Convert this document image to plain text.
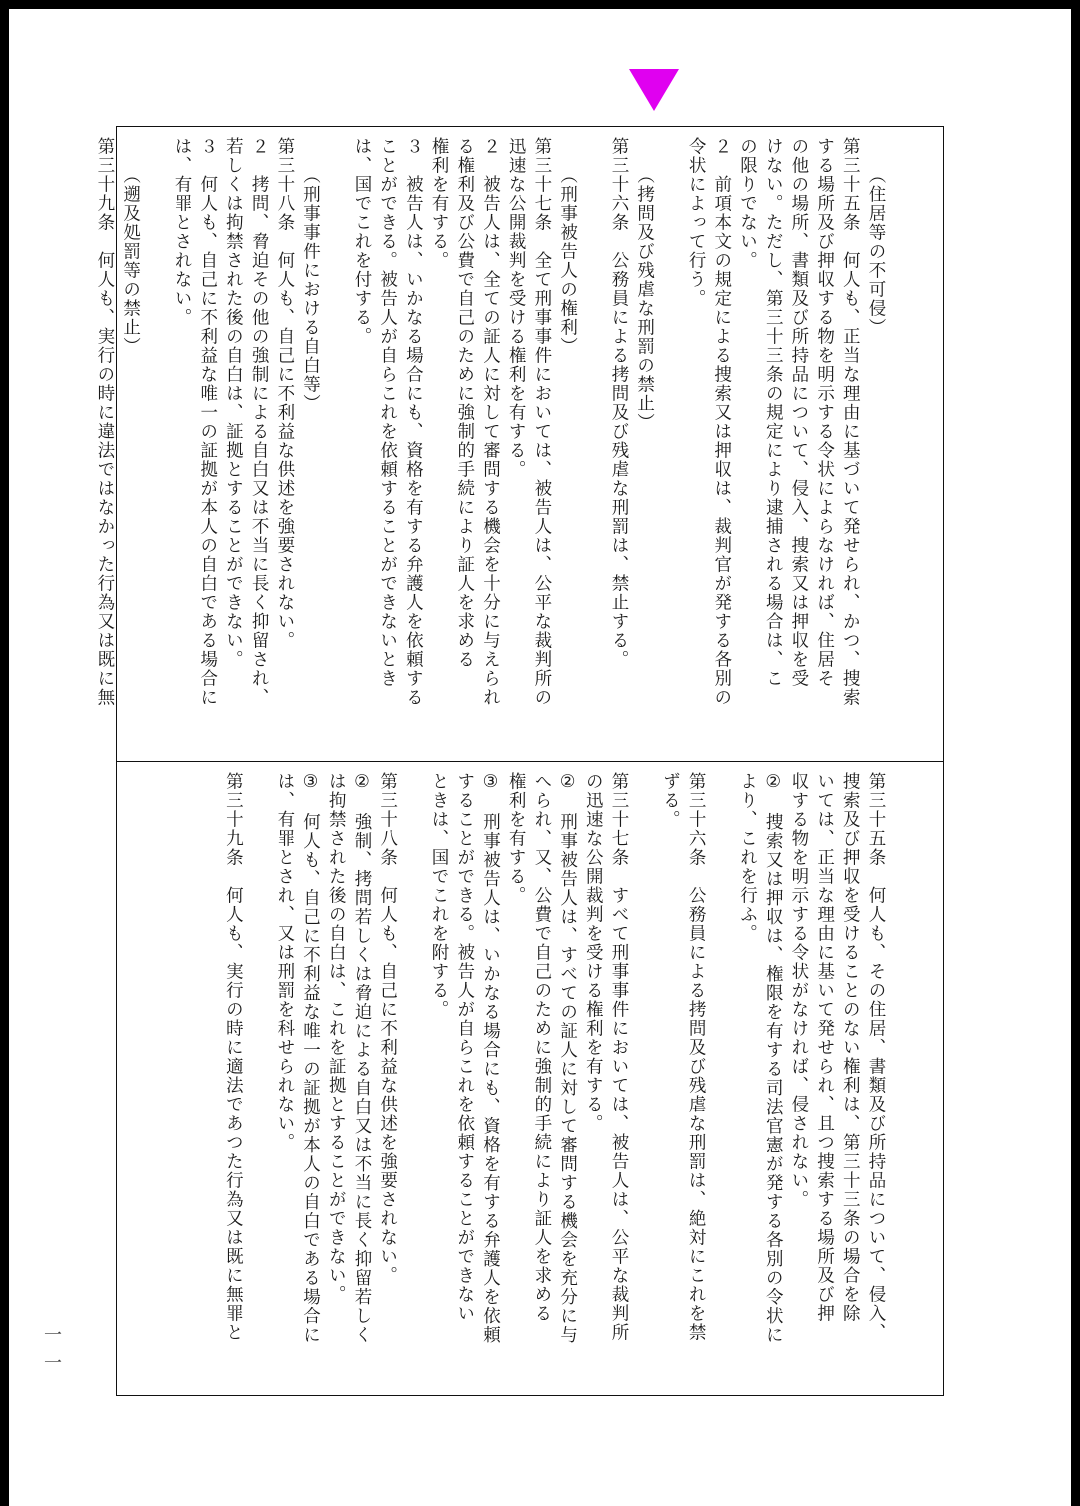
　　（住居等の不可侵）
第三十五条　何人も、正当な理由に基づいて発せられ、かつ、捜索
する場所及び押収する物を明示する令状によらなければ、住居そ
の他の場所、書類及び所持品について、侵入、捜索又は押収を受
けない。ただし、第三十三条の規定により逮捕される場合は、こ
の限りでない。
２　前項本文の規定による捜索又は押収は、裁判官が発する各別の
令状によって行う。
　　（拷問及び残虐な刑罰の禁止）
第三十六条　公務員による拷問及び残虐な刑罰は、禁止する。
　　（刑事被告人の権利）
第三十七条　全て刑事事件においては、被告人は、公平な裁判所の
迅速な公開裁判を受ける権利を有する。
２　被告人は、全ての証人に対して審問する機会を十分に与えられ
る権利及び公費で自己のために強制的手続により証人を求める
権利を有する。
３　被告人は、いかなる場合にも、資格を有する弁護人を依頼する
ことができる。被告人が自らこれを依頼することができないとき
は、国でこれを付する。
　　（刑事事件における自白等）
第三十八条　何人も、自己に不利益な供述を強要されない。
２　拷問、脅迫その他の強制による自白又は不当に長く抑留され、
若しくは拘禁された後の自白は、証拠とすることができない。
３　何人も、自己に不利益な唯一の証拠が本人の自白である場合に
は、有罪とされない。
　　（遡及処罰等の禁止）
第三十九条　何人も、実行の時に違法ではなかった行為又は既に無
第三十五条　何人も、その住居、書類及び所持品について、侵入、
捜索及び押収を受けることのない権利は、第三十三条の場合を除
いては、正当な理由に基いて発せられ、且つ捜索する場所及び押
収する物を明示する令状がなければ、侵されない。
②　捜索又は押収は、権限を有する司法官憲が発する各別の令状に
より、これを行ふ。
第三十六条　公務員による拷問及び残虐な刑罰は、絶対にこれを禁
ずる。
第三十七条　すべて刑事事件においては、被告人は、公平な裁判所
の迅速な公開裁判を受ける権利を有する。
②　刑事被告人は、すべての証人に対して審問する機会を充分に与
へられ、又、公費で自己のために強制的手続により証人を求める
権利を有する。
③　刑事被告人は、いかなる場合にも、資格を有する弁護人を依頼
することができる。被告人が自らこれを依頼することができない
ときは、国でこれを附する。
第三十八条　何人も、自己に不利益な供述を強要されない。
②　強制、拷問若しくは脅迫による自白又は不当に長く抑留若しく
は拘禁された後の自白は、これを証拠とすることができない。
③　何人も、自己に不利益な唯一の証拠が本人の自白である場合に
は、有罪とされ、又は刑罰を科せられない。
第三十九条　何人も、実行の時に適法であつた行為又は既に無罪と
一一
